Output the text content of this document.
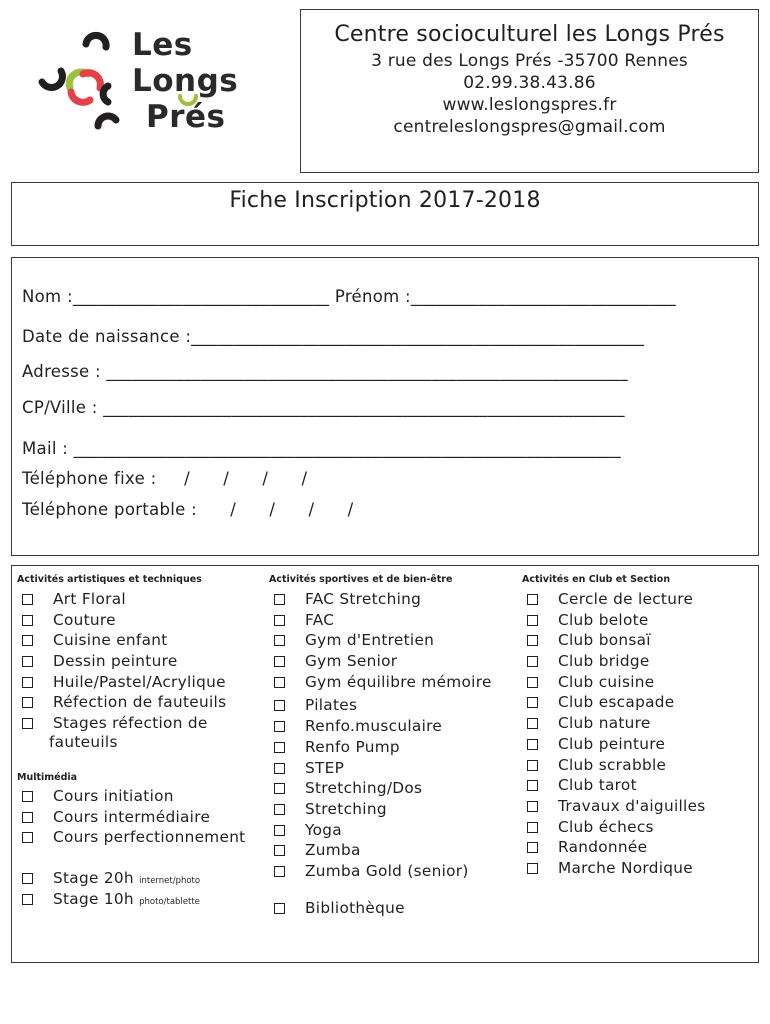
Les
Longs
Prés
Centre socioculturel les Longs Prés
3 rue des Longs Prés -35700 Rennes
02.99.38.43.86
www.leslongspres.fr
centreleslongspres@gmail.com
Fiche Inscription 2017-2018
Nom :______________________________ Prénom :_______________________________
Date de naissance :_____________________________________________________
Adresse : _____________________________________________________________
CP/Ville : _____________________________________________________________
Mail : ________________________________________________________________
Téléphone fixe :     /      /      /      /
Téléphone portable :      /      /      /      /
Activités artistiques et techniques
Art Floral
Couture
Cuisine enfant
Dessin peinture
Huile/Pastel/Acrylique
Réfection de fauteuils
Stages réfection de
fauteuils
Multimédia
Cours initiation
Cours intermédiaire
Cours perfectionnement
Stage 20h internet/photo
Stage 10h photo/tablette
Activités sportives et de bien-être
FAC Stretching
FAC
Gym d'Entretien
Gym Senior
Gym équilibre mémoire
Pilates
Renfo.musculaire
Renfo Pump
STEP
Stretching/Dos
Stretching
Yoga
Zumba
Zumba Gold (senior)
Bibliothèque
Activités en Club et Section
Cercle de lecture
Club belote
Club bonsaï
Club bridge
Club cuisine
Club escapade
Club nature
Club peinture
Club scrabble
Club tarot
Travaux d'aiguilles
Club échecs
Randonnée
Marche Nordique
